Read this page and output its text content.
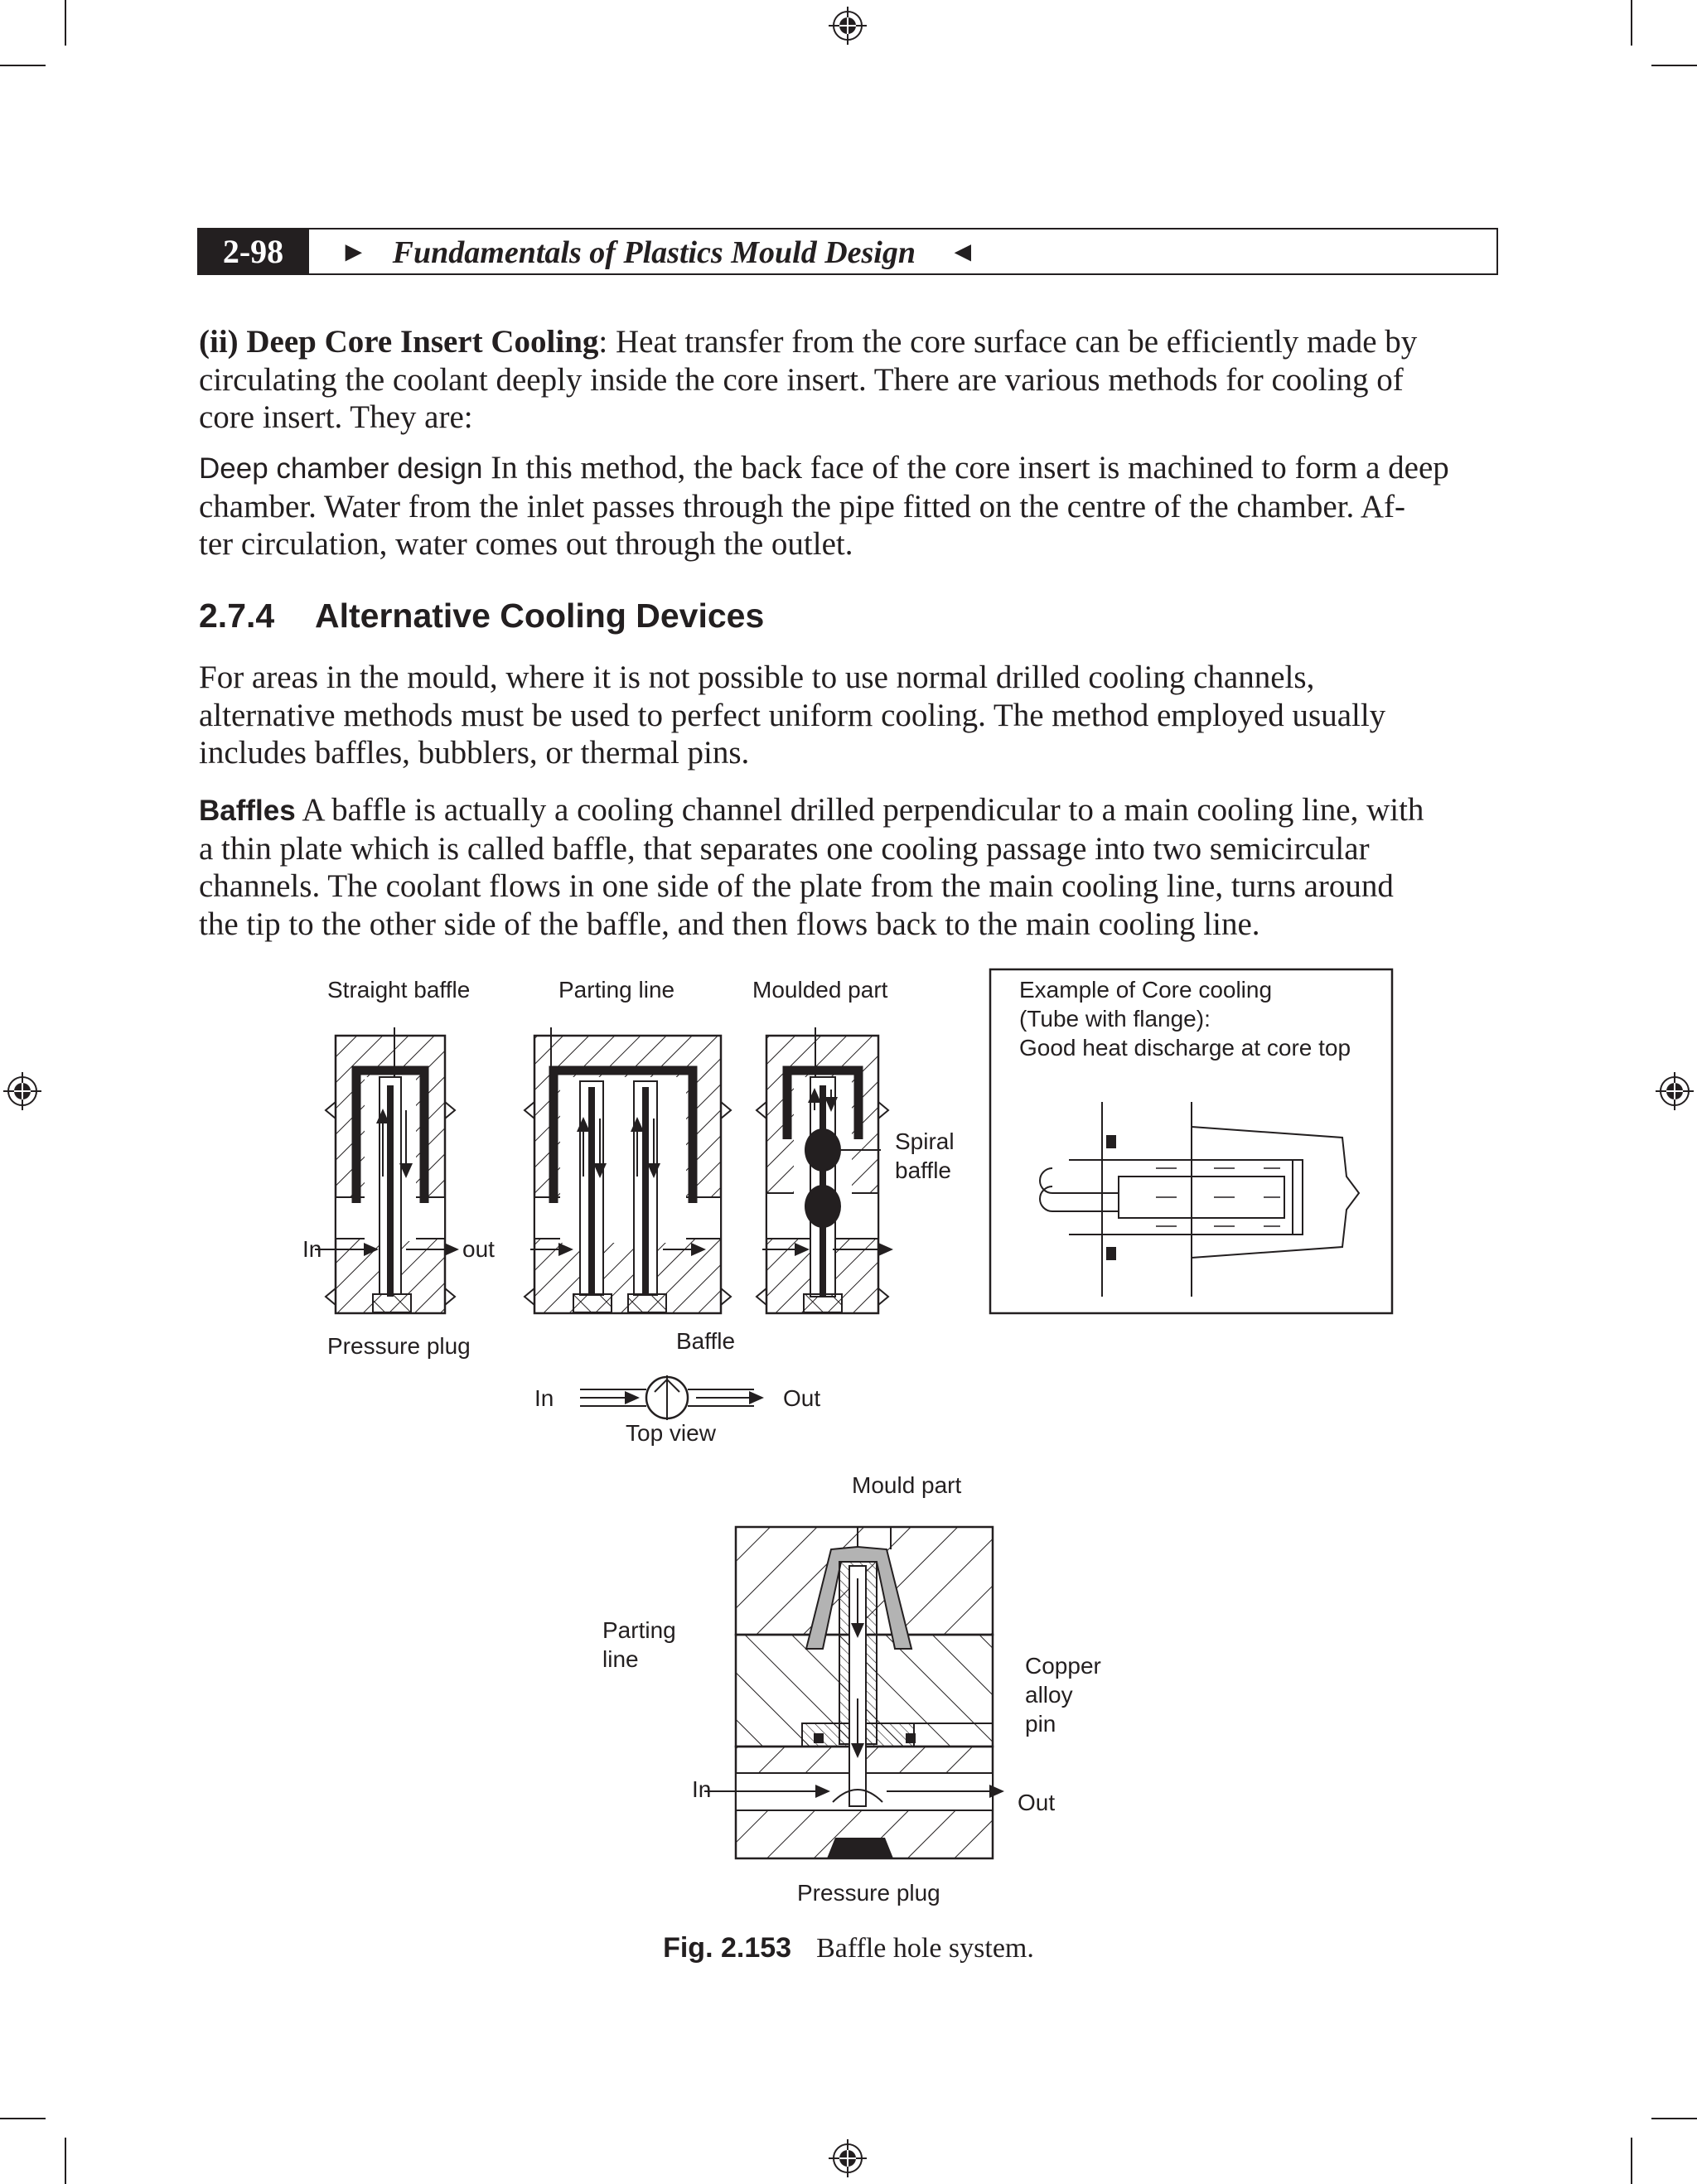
2-98	► Fundamentals of Plastics Mould Design ◄
(ii) Deep Core Insert Cooling: Heat transfer from the core surface can be efficiently made by
circulating the coolant deeply inside the core insert. There are various methods for cooling of
core insert. They are:
Deep chamber design In this method, the back face of the core insert is machined to form a deep
chamber. Water from the inlet passes through the pipe fitted on the centre of the chamber. Af-
ter circulation, water comes out through the outlet.
2.7.4 Alternative Cooling Devices
For areas in the mould, where it is not possible to use normal drilled cooling channels,
alternative methods must be used to perfect uniform cooling. The method employed usually
includes baffles, bubblers, or thermal pins.
Baffles A baffle is actually a cooling channel drilled perpendicular to a main cooling line, with
a thin plate which is called baffle, that separates one cooling passage into two semicircular
channels. The coolant flows in one side of the plate from the main cooling line, turns around
the tip to the other side of the baffle, and then flows back to the main cooling line.
Straight baffle	Parting line	Moulded part	Example of Core cooling
(Tube with flange):
Good heat discharge at core top
Spiral
baffle
In	out
Pressure plug	Baffle
In	Out
Top view
Mould part
Parting
line	Copper
alloy
pin
In
Out
Pressure plug
Fig. 2.153 Baffle hole system.
